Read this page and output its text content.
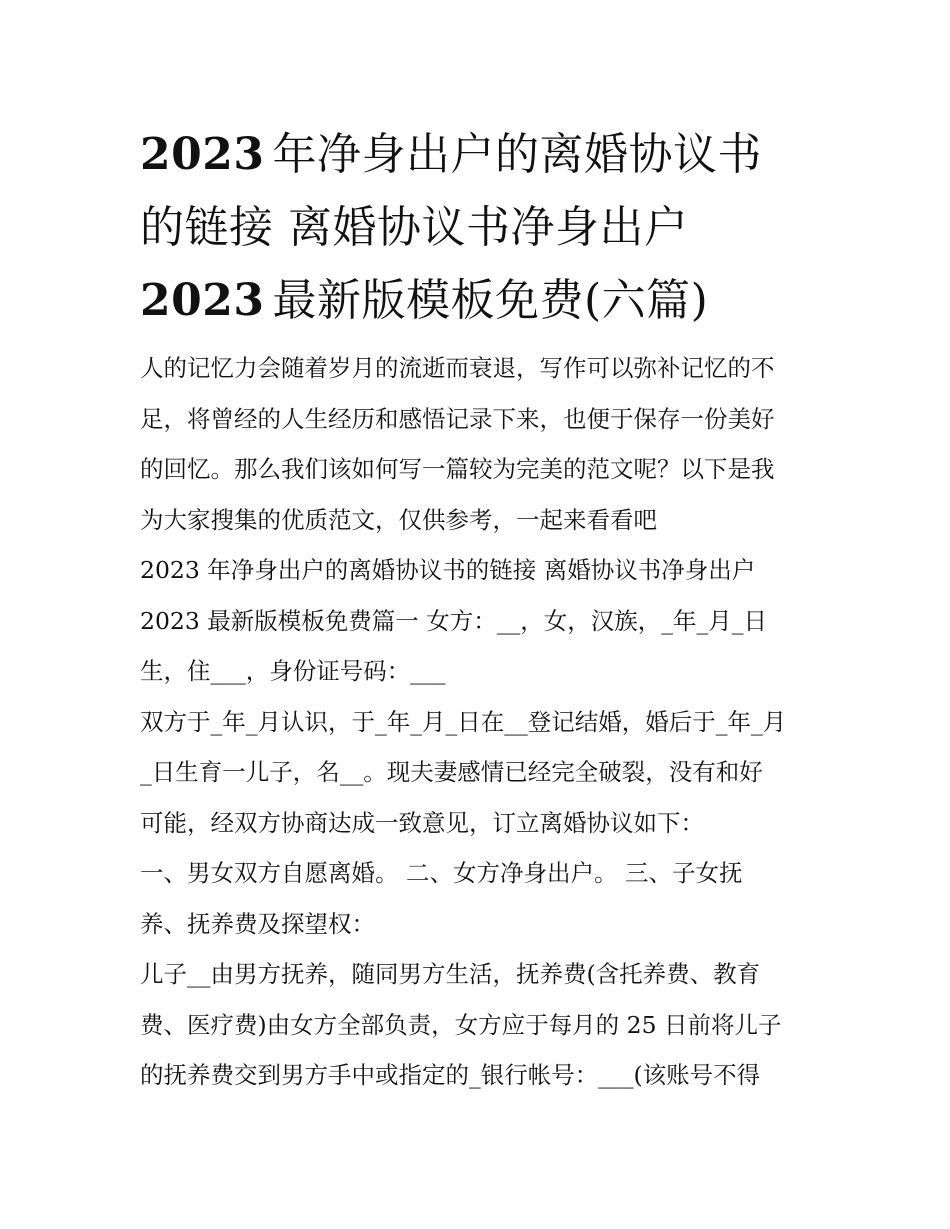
2023 年净身出户的离婚协议书
的链接 离婚协议书净身出户
2023 最新版模板免费(六篇)
人的记忆力会随着岁月的流逝而衰退，写作可以弥补记忆的不
足，将曾经的人生经历和感悟记录下来，也便于保存一份美好
的回忆。那么我们该如何写一篇较为完美的范文呢？以下是我
为大家搜集的优质范文，仅供参考，一起来看看吧
2023 年净身出户的离婚协议书的链接 离婚协议书净身出户
2023 最新版模板免费篇一 女方：__，女，汉族，_年_月_日
生，住___，身份证号码：___
双方于_年_月认识，于_年_月_日在__登记结婚，婚后于_年_月
_日生育一儿子，名__。现夫妻感情已经完全破裂，没有和好
可能，经双方协商达成一致意见，订立离婚协议如下：
一、男女双方自愿离婚。 二、女方净身出户。 三、子女抚
养、抚养费及探望权：
儿子__由男方抚养，随同男方生活，抚养费(含托养费、教育
费、医疗费)由女方全部负责，女方应于每月的 25 日前将儿子
的抚养费交到男方手中或指定的_银行帐号：___(该账号不得
